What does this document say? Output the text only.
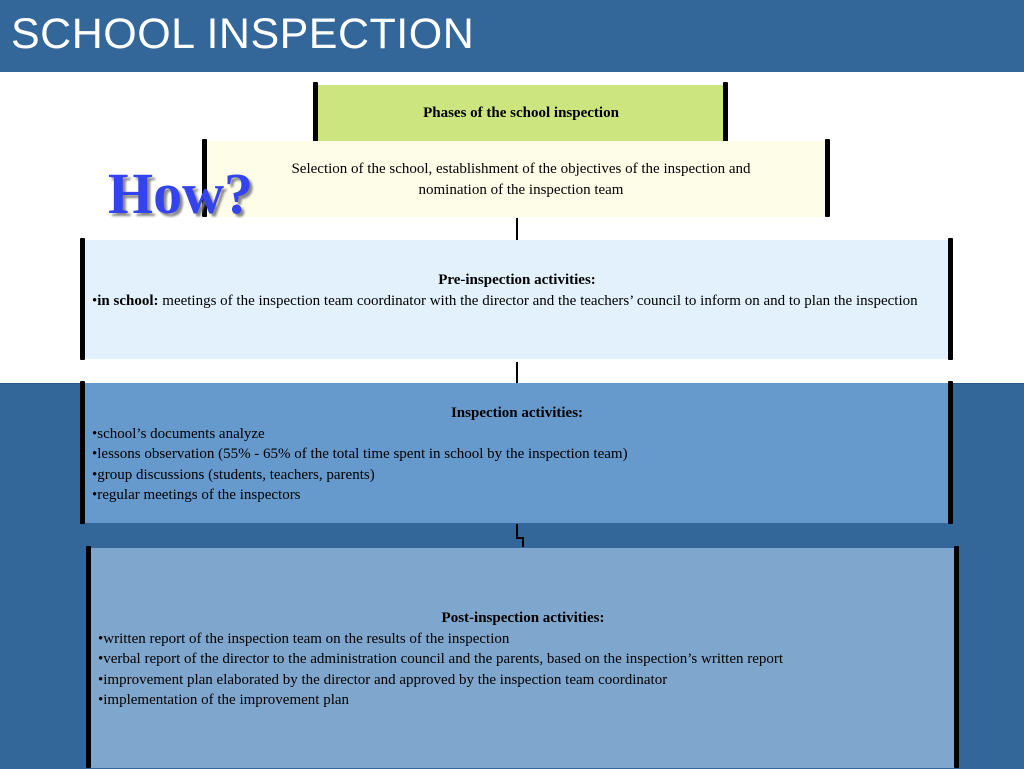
SCHOOL INSPECTION
Phases of the school inspection
Selection of the school, establishment of the objectives of the inspection and
nomination of the inspection team
How?
Pre-inspection activities:
•in school: meetings of the inspection team coordinator with the director and the teachers’ council to inform on and to plan the inspection
Inspection activities:
•school’s documents analyze
•lessons observation (55% - 65% of the total time spent in school by the inspection team)
•group discussions (students, teachers, parents)
•regular meetings of the inspectors
Post-inspection activities:
•written report of the inspection team on the results of the inspection
•verbal report of the director to the administration council and the parents, based on the inspection’s written report
•improvement plan elaborated by the director and approved by the inspection team coordinator
•implementation of the improvement plan
